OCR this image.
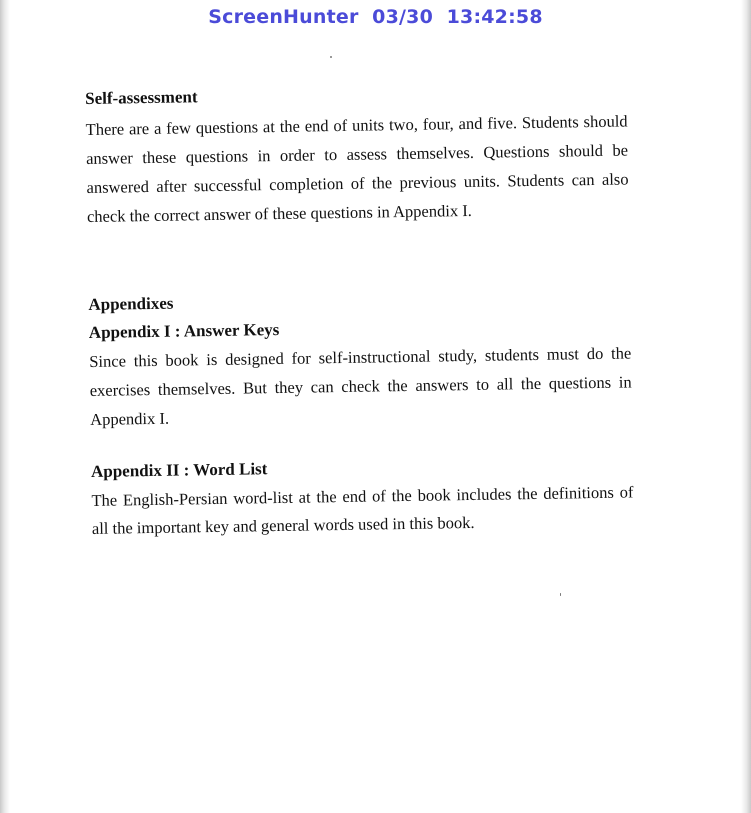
ScreenHunter  03/30  13:42:58

Self-assessment

There are a few questions at the end of units two, four, and five. Students should answer these questions in order to assess themselves. Questions should be answered after successful completion of the previous units. Students can also check the correct answer of these questions in Appendix I.

Appendixes

Appendix I : Answer Keys

Since this book is designed for self-instructional study, students must do the exercises themselves. But they can check the answers to all the questions in Appendix I.

Appendix II : Word List

The English-Persian word-list at the end of the book includes the definitions of all the important key and general words used in this book.
